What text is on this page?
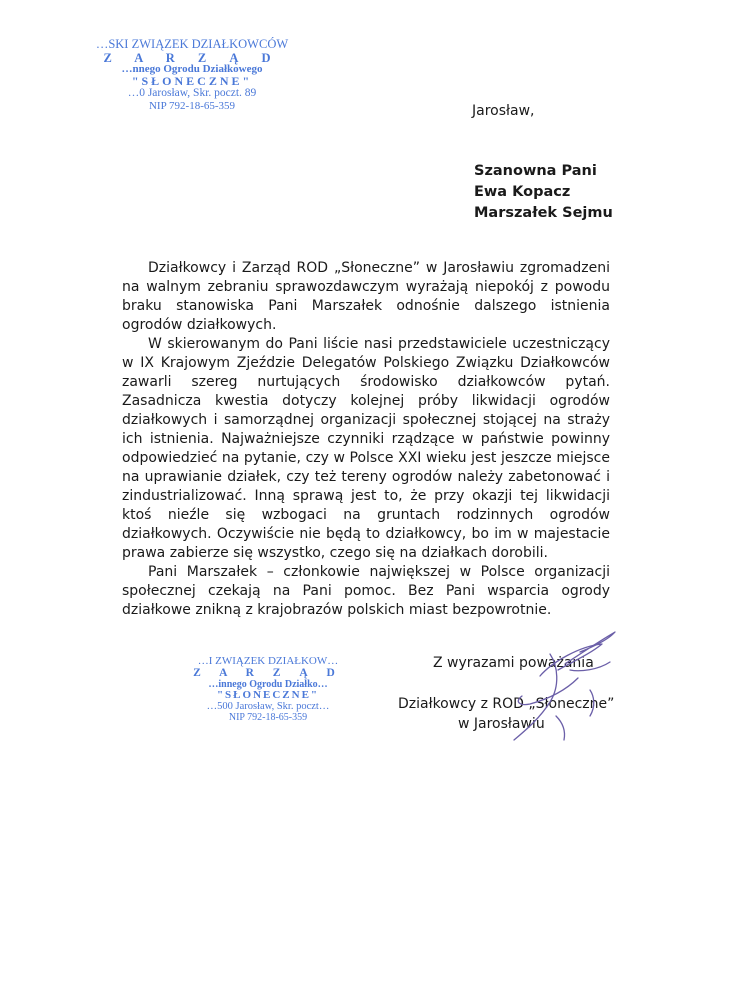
…SKI ZWIĄZEK DZIAŁKOWCÓW
Z A R Z Ą D
…nnego Ogrodu Działkowego
"SŁONECZNE"
…0 Jarosław, Skr. poczt. 89
NIP 792-18-65-359	Jarosław,
Szanowna Pani
Ewa Kopacz
Marszałek Sejmu

Działkowcy i Zarząd ROD „Słoneczne” w Jarosławiu zgromadzeni na walnym zebraniu sprawozdawczym wyrażają niepokój z powodu braku stanowiska Pani Marszałek odnośnie dalszego istnienia ogrodów działkowych.

W skierowanym do Pani liście nasi przedstawiciele uczestniczący w IX Krajowym Zjeździe Delegatów Polskiego Związku Działkowców zawarli szereg nurtujących środowisko działkowców pytań. Zasadnicza kwestia dotyczy kolejnej próby likwidacji ogrodów działkowych i samorządnej organizacji społecznej stojącej na straży ich istnienia. Najważniejsze czynniki rządzące w państwie powinny odpowiedzieć na pytanie, czy w Polsce XXI wieku jest jeszcze miejsce na uprawianie działek, czy też tereny ogrodów należy zabetonować i zindustrializować. Inną sprawą jest to, że przy okazji tej likwidacji ktoś nieźle się wzbogaci na gruntach rodzinnych ogrodów działkowych. Oczywiście nie będą to działkowcy, bo im w majestacie prawa zabierze się wszystko, czego się na działkach dorobili.

Pani Marszałek – członkowie największej w Polsce organizacji społecznej czekają na Pani pomoc. Bez Pani wsparcia ogrody działkowe znikną z krajobrazów polskich miast bezpowrotnie.

…I ZWIĄZEK DZIAŁKOW…
Z A R Z Ą D
…innego Ogrodu Działko…
"SŁONECZNE"
…500 Jarosław, Skr. poczt…
NIP 792-18-65-359
Z wyrazami poważania
Działkowcy z ROD „Słoneczne”
w Jarosławiu
